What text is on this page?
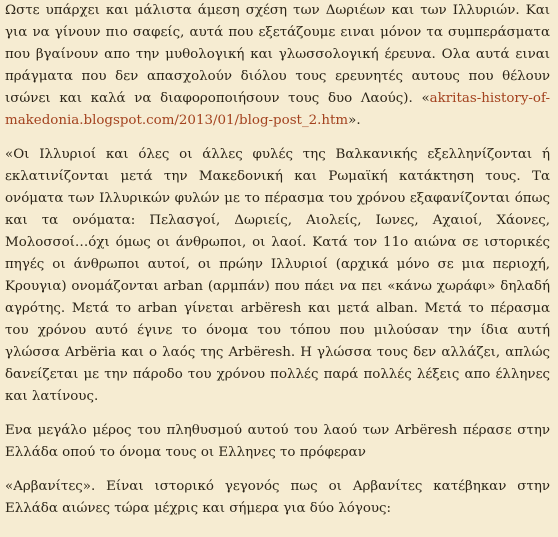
Ωστε υπάρχει και μάλιστα άμεση σχέση των Δωριέων και των Ιλλυριών. Και για να γίνουν πιο σαφείς, αυτά που εξετάζουμε ειναι μόνον τα συμπεράσματα που βγαίνουν απο την μυθολογική και γλωσσολογική έρευνα. Ολα αυτά ειναι πράγματα που δεν απασχολούν διόλου τους ερευνητές αυτους που θέλουν ισώνει και καλά να διαφοροποιήσουν τους δυο Λαούς). «akritas-history-of-makedonia.blogspot.com/2013/01/blog-post_2.htm».

«Οι Ιλλυριοί και όλες οι άλλες φυλές της Βαλκανικής εξελληνίζονται ή εκλατινίζονται μετά την Μακεδονική και Ρωμαϊκή κατάκτηση τους. Τα ονόματα των Ιλλυρικών φυλών με το πέρασμα του χρόνου εξαφανίζονται όπως και τα ονόματα: Πελασγοί, Δωριείς, Αιολείς, Ιωνες, Αχαιοί, Χάονες, Μολοσσοί…όχι όμως οι άνθρωποι, οι λαοί. Κατά τον 11ο αιώνα σε ιστορικές πηγές οι άνθρωποι αυτοί, οι πρώην Ιλλυριοί (αρχικά μόνο σε μια περιοχή, Κρουγια) ονομάζονται arban (αρμπάν) που πάει να πει «κάνω χωράφι» δηλαδή αγρότης. Μετά το arban γίνεται arbëresh και μετά alban. Μετά το πέρασμα του χρόνου αυτό έγινε το όνομα του τόπου που μιλούσαν την ίδια αυτή γλώσσα Arbëria και ο λαός της Arbëresh. Η γλώσσα τους δεν αλλάζει, απλώς δανείζεται με την πάροδο του χρόνου πολλές παρά πολλές λέξεις απο έλληνες και λατίνους.

Ενα μεγάλο μέρος του πληθυσμού αυτού του λαού των Arbëresh πέρασε στην Ελλάδα οπού το όνομα τους οι Ελληνες το πρόφεραν

«Αρβανίτες». Είναι ιστορικό γεγονός πως οι Αρβανίτες κατέβηκαν στην Ελλάδα αιώνες τώρα μέχρις και σήμερα για δύο λόγους:
